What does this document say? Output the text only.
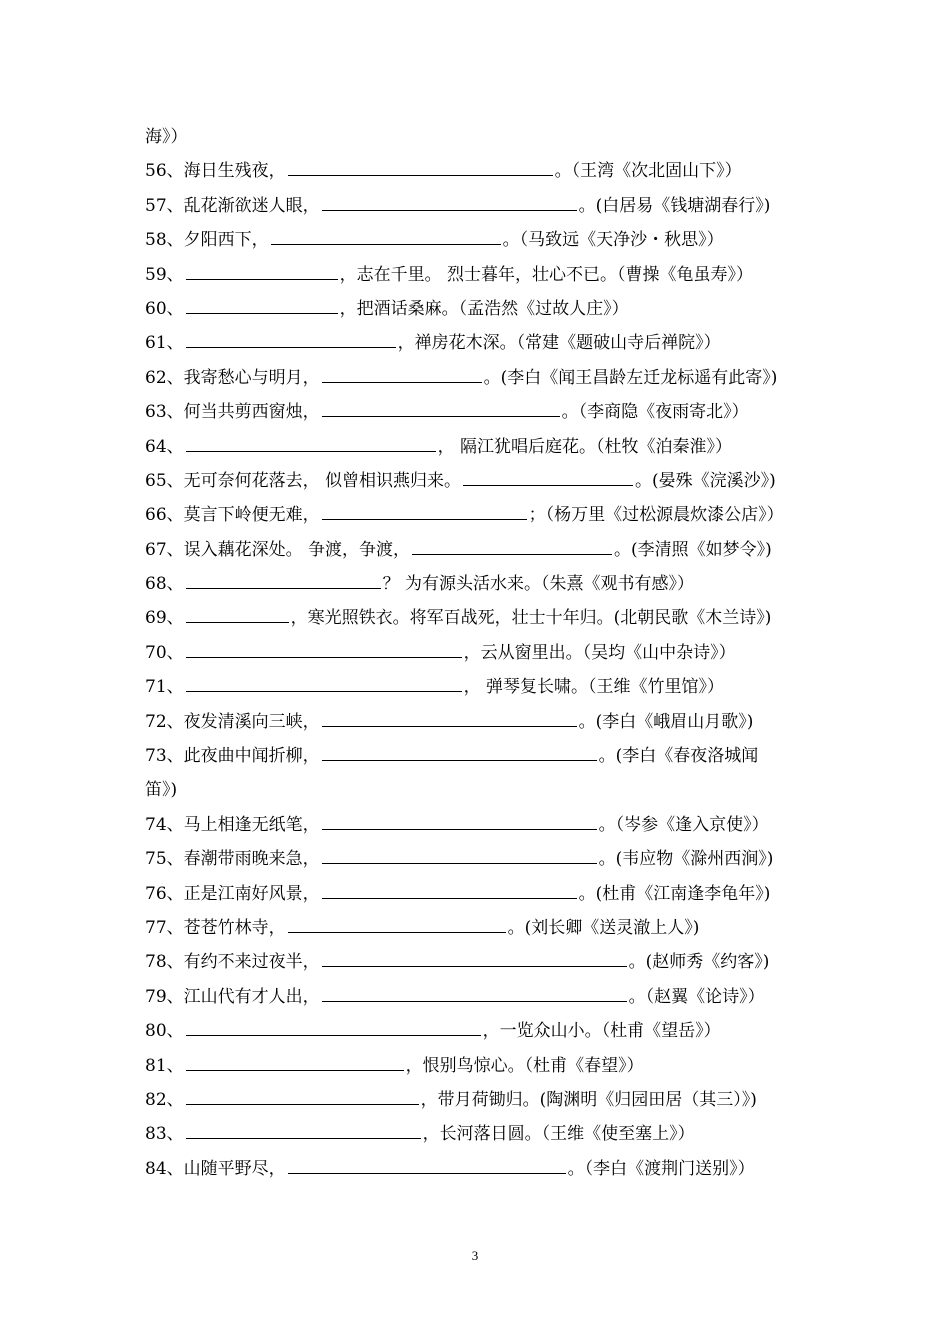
海》）
56、海日生残夜，	。（王湾《次北固山下》）
57、乱花渐欲迷人眼，	。(白居易《钱塘湖春行》)
58、夕阳西下，	。（马致远《天净沙・秋思》）
59、	，志在千里。 烈士暮年，壮心不已。（曹操《龟虽寿》）
60、	，把酒话桑麻。（孟浩然《过故人庄》）
61、	，禅房花木深。（常建《题破山寺后禅院》）
62、我寄愁心与明月，	。(李白《闻王昌龄左迁龙标遥有此寄》)
63、何当共剪西窗烛，	。（李商隐《夜雨寄北》）
64、	， 隔江犹唱后庭花。（杜牧《泊秦淮》）
65、无可奈何花落去， 似曾相识燕归来。	。(晏殊《浣溪沙》)
66、莫言下岭便无难，	；（杨万里《过松源晨炊漆公店》）
67、误入藕花深处。 争渡，争渡，	。(李清照《如梦令》)
68、	？ 为有源头活水来。（朱熹《观书有感》）
69、	，寒光照铁衣。将军百战死，壮士十年归。(北朝民歌《木兰诗》)
70、	，云从窗里出。（吴均《山中杂诗》）
71、	， 弹琴复长啸。（王维《竹里馆》）
72、夜发清溪向三峡，	。(李白《峨眉山月歌》)
73、此夜曲中闻折柳，	。(李白《春夜洛城闻
笛》)
74、马上相逢无纸笔，	。（岑参《逢入京使》）
75、春潮带雨晚来急，	。(韦应物《滁州西涧》)
76、正是江南好风景，	。(杜甫《江南逢李龟年》)
77、苍苍竹林寺，	。(刘长卿《送灵澈上人》)
78、有约不来过夜半，	。(赵师秀《约客》)
79、江山代有才人出，	。（赵翼《论诗》）
80、	，一览众山小。（杜甫《望岳》）
81、	，恨别鸟惊心。（杜甫《春望》）
82、	，带月荷锄归。(陶渊明《归园田居（其三）》)
83、	，长河落日圆。（王维《使至塞上》）
84、山随平野尽，	。（李白《渡荆门送别》）
3
